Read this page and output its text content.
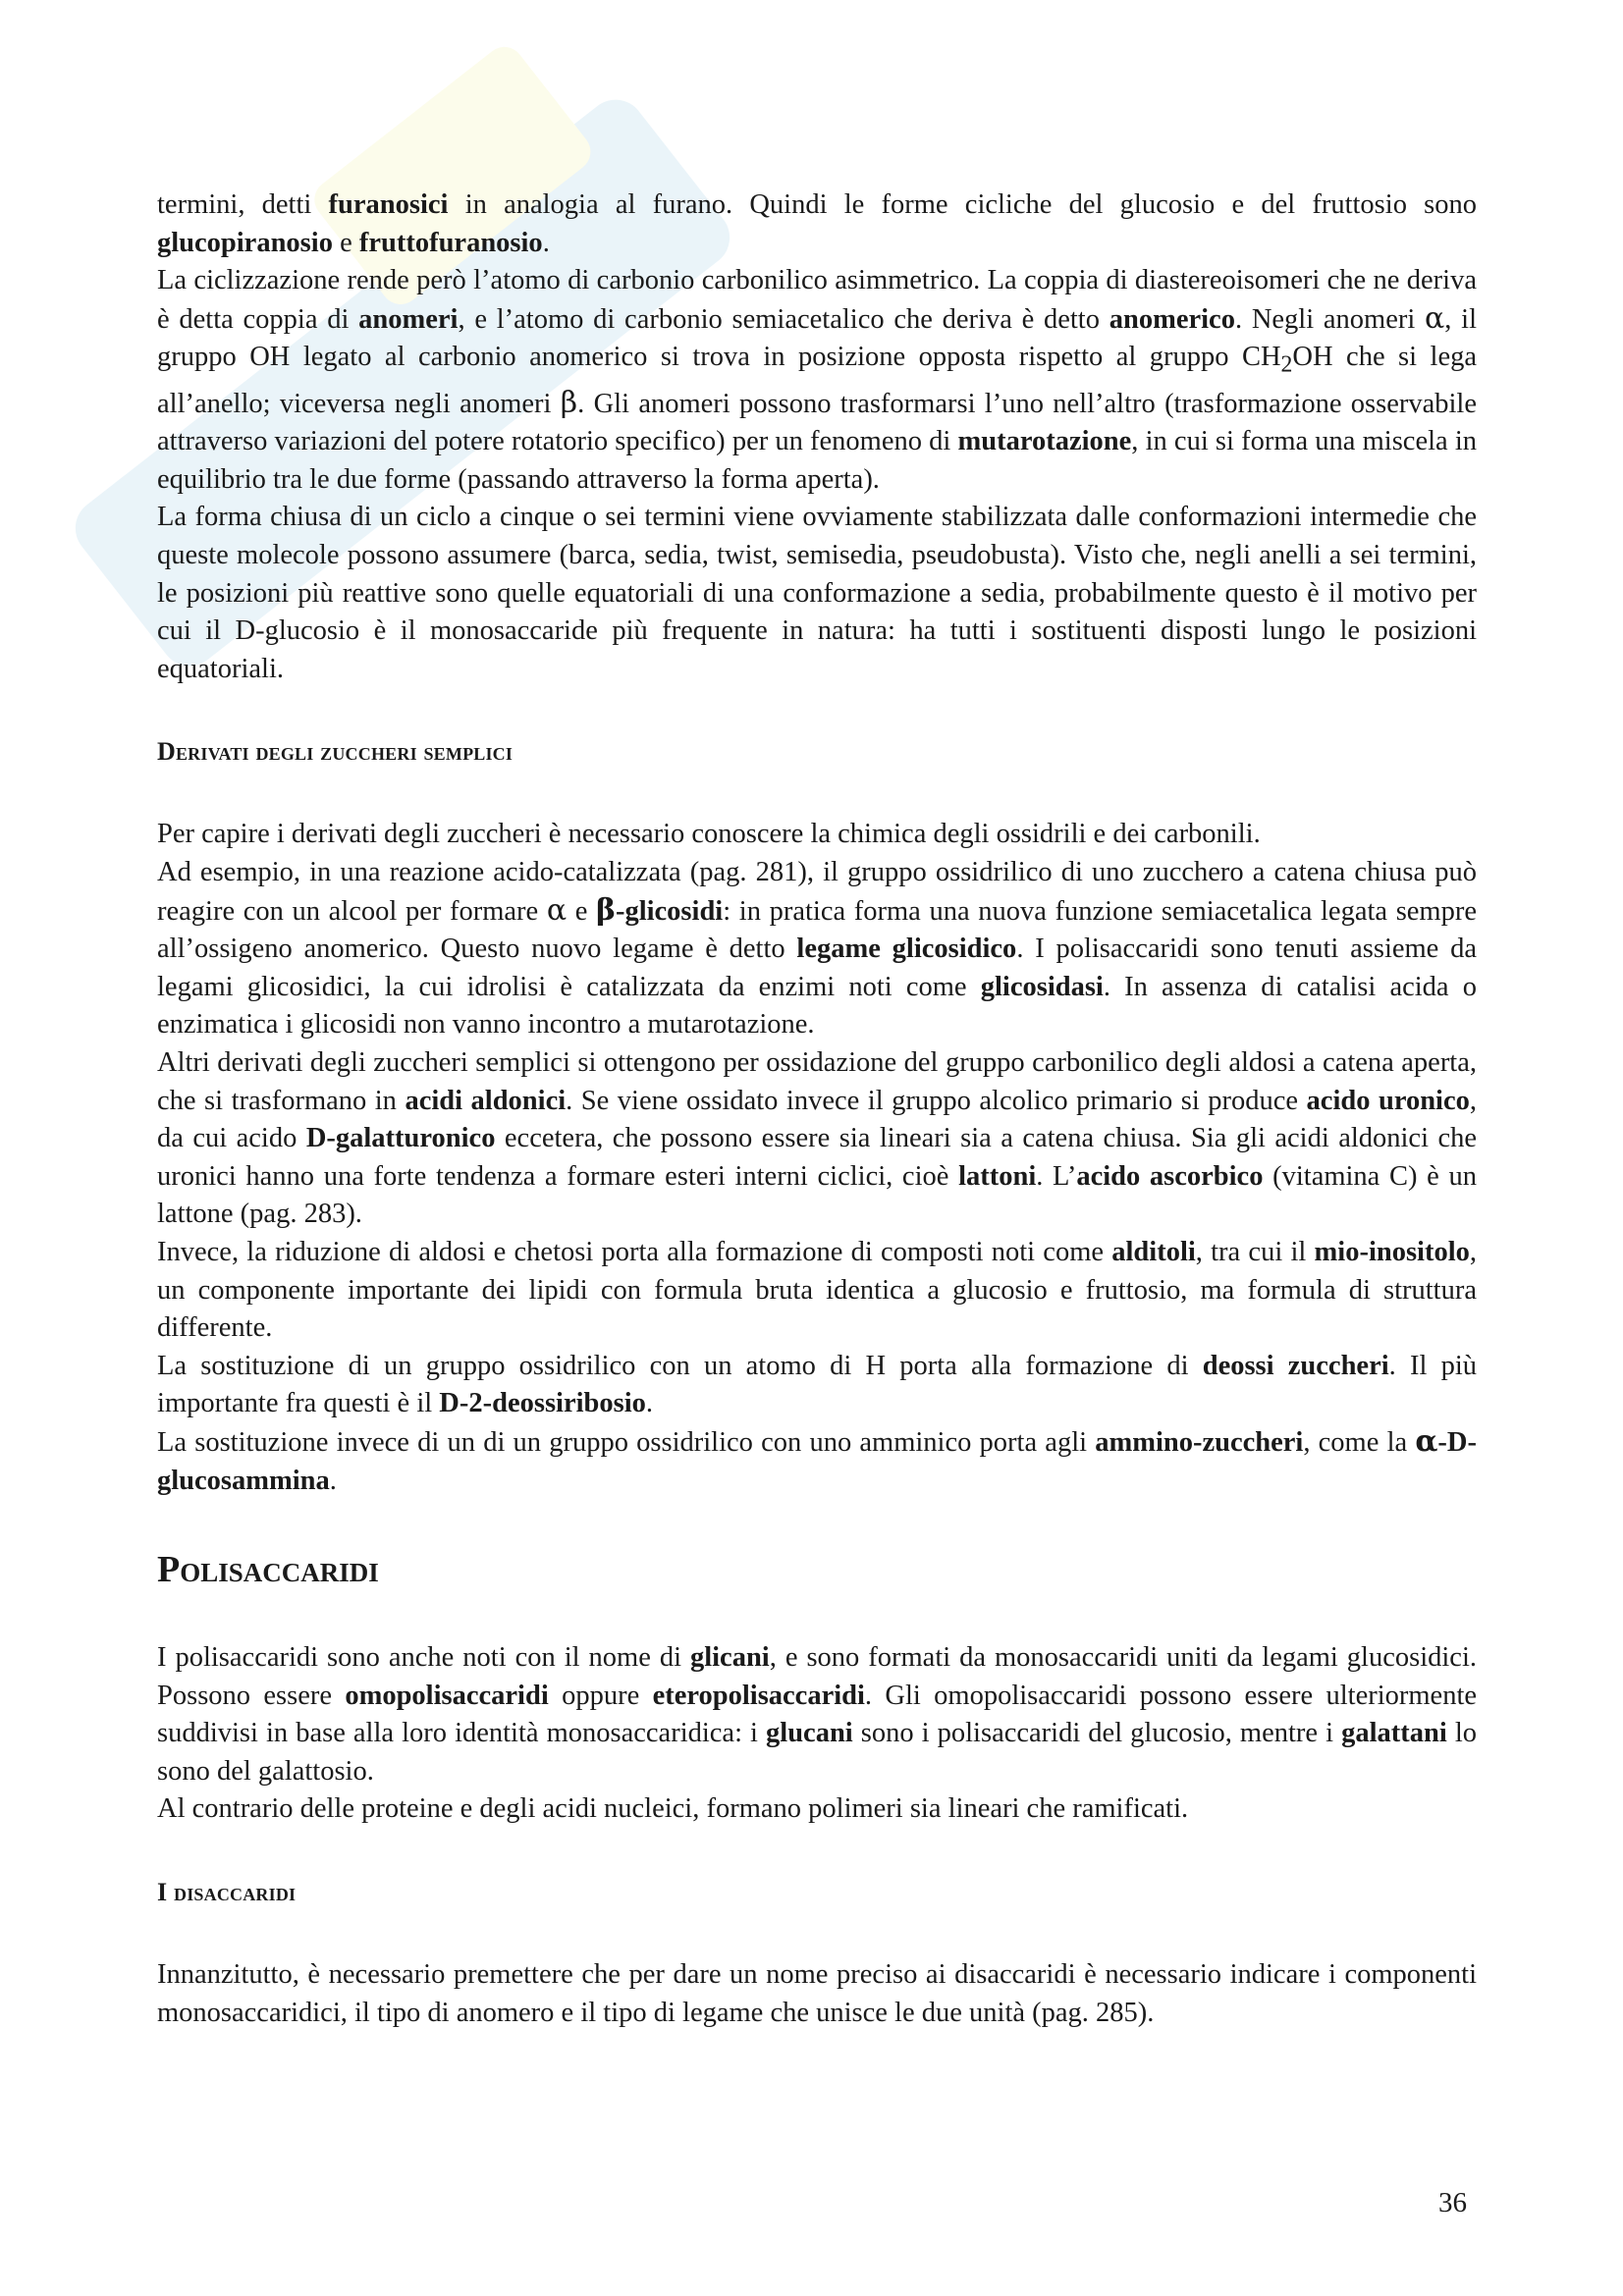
termini, detti furanosici in analogia al furano. Quindi le forme cicliche del glucosio e del fruttosio sono glucopiranosio e fruttofuranosio.

La ciclizzazione rende però l’atomo di carbonio carbonilico asimmetrico. La coppia di diastereoisomeri che ne deriva è detta coppia di anomeri, e l’atomo di carbonio semiacetalico che deriva è detto anomerico. Negli anomeri α, il gruppo OH legato al carbonio anomerico si trova in posizione opposta rispetto al gruppo $CH_2OH$ che si lega all’anello; viceversa negli anomeri β. Gli anomeri possono trasformarsi l’uno nell’altro (trasformazione osservabile attraverso variazioni del potere rotatorio specifico) per un fenomeno di mutarotazione, in cui si forma una miscela in equilibrio tra le due forme (passando attraverso la forma aperta).

La forma chiusa di un ciclo a cinque o sei termini viene ovviamente stabilizzata dalle conformazioni intermedie che queste molecole possono assumere (barca, sedia, twist, semisedia, pseudobusta). Visto che, negli anelli a sei termini, le posizioni più reattive sono quelle equatoriali di una conformazione a sedia, probabilmente questo è il motivo per cui il D-glucosio è il monosaccaride più frequente in natura: ha tutti i sostituenti disposti lungo le posizioni equatoriali.

Derivati degli zuccheri semplici

Per capire i derivati degli zuccheri è necessario conoscere la chimica degli ossidrili e dei carbonili.

Ad esempio, in una reazione acido-catalizzata (pag. 281), il gruppo ossidrilico di uno zucchero a catena chiusa può reagire con un alcool per formare α e β-glicosidi: in pratica forma una nuova funzione semiacetalica legata sempre all’ossigeno anomerico. Questo nuovo legame è detto legame glicosidico. I polisaccaridi sono tenuti assieme da legami glicosidici, la cui idrolisi è catalizzata da enzimi noti come glicosidasi. In assenza di catalisi acida o enzimatica i glicosidi non vanno incontro a mutarotazione.

Altri derivati degli zuccheri semplici si ottengono per ossidazione del gruppo carbonilico degli aldosi a catena aperta, che si trasformano in acidi aldonici. Se viene ossidato invece il gruppo alcolico primario si produce acido uronico, da cui acido D-galatturonico eccetera, che possono essere sia lineari sia a catena chiusa. Sia gli acidi aldonici che uronici hanno una forte tendenza a formare esteri interni ciclici, cioè lattoni. L’acido ascorbico (vitamina C) è un lattone (pag. 283).

Invece, la riduzione di aldosi e chetosi porta alla formazione di composti noti come alditoli, tra cui il mio-inositolo, un componente importante dei lipidi con formula bruta identica a glucosio e fruttosio, ma formula di struttura differente.

La sostituzione di un gruppo ossidrilico con un atomo di H porta alla formazione di deossi zuccheri. Il più importante fra questi è il D-2-deossiribosio.

La sostituzione invece di un di un gruppo ossidrilico con uno amminico porta agli ammino-zuccheri, come la α-D-glucosammina.

Polisaccaridi

I polisaccaridi sono anche noti con il nome di glicani, e sono formati da monosaccaridi uniti da legami glucosidici. Possono essere omopolisaccaridi oppure eteropolisaccaridi. Gli omopolisaccaridi possono essere ulteriormente suddivisi in base alla loro identità monosaccaridica: i glucani sono i polisaccaridi del glucosio, mentre i galattani lo sono del galattosio.

Al contrario delle proteine e degli acidi nucleici, formano polimeri sia lineari che ramificati.

I disaccaridi

Innanzitutto, è necessario premettere che per dare un nome preciso ai disaccaridi è necessario indicare i componenti monosaccaridici, il tipo di anomero e il tipo di legame che unisce le due unità (pag. 285).

36
